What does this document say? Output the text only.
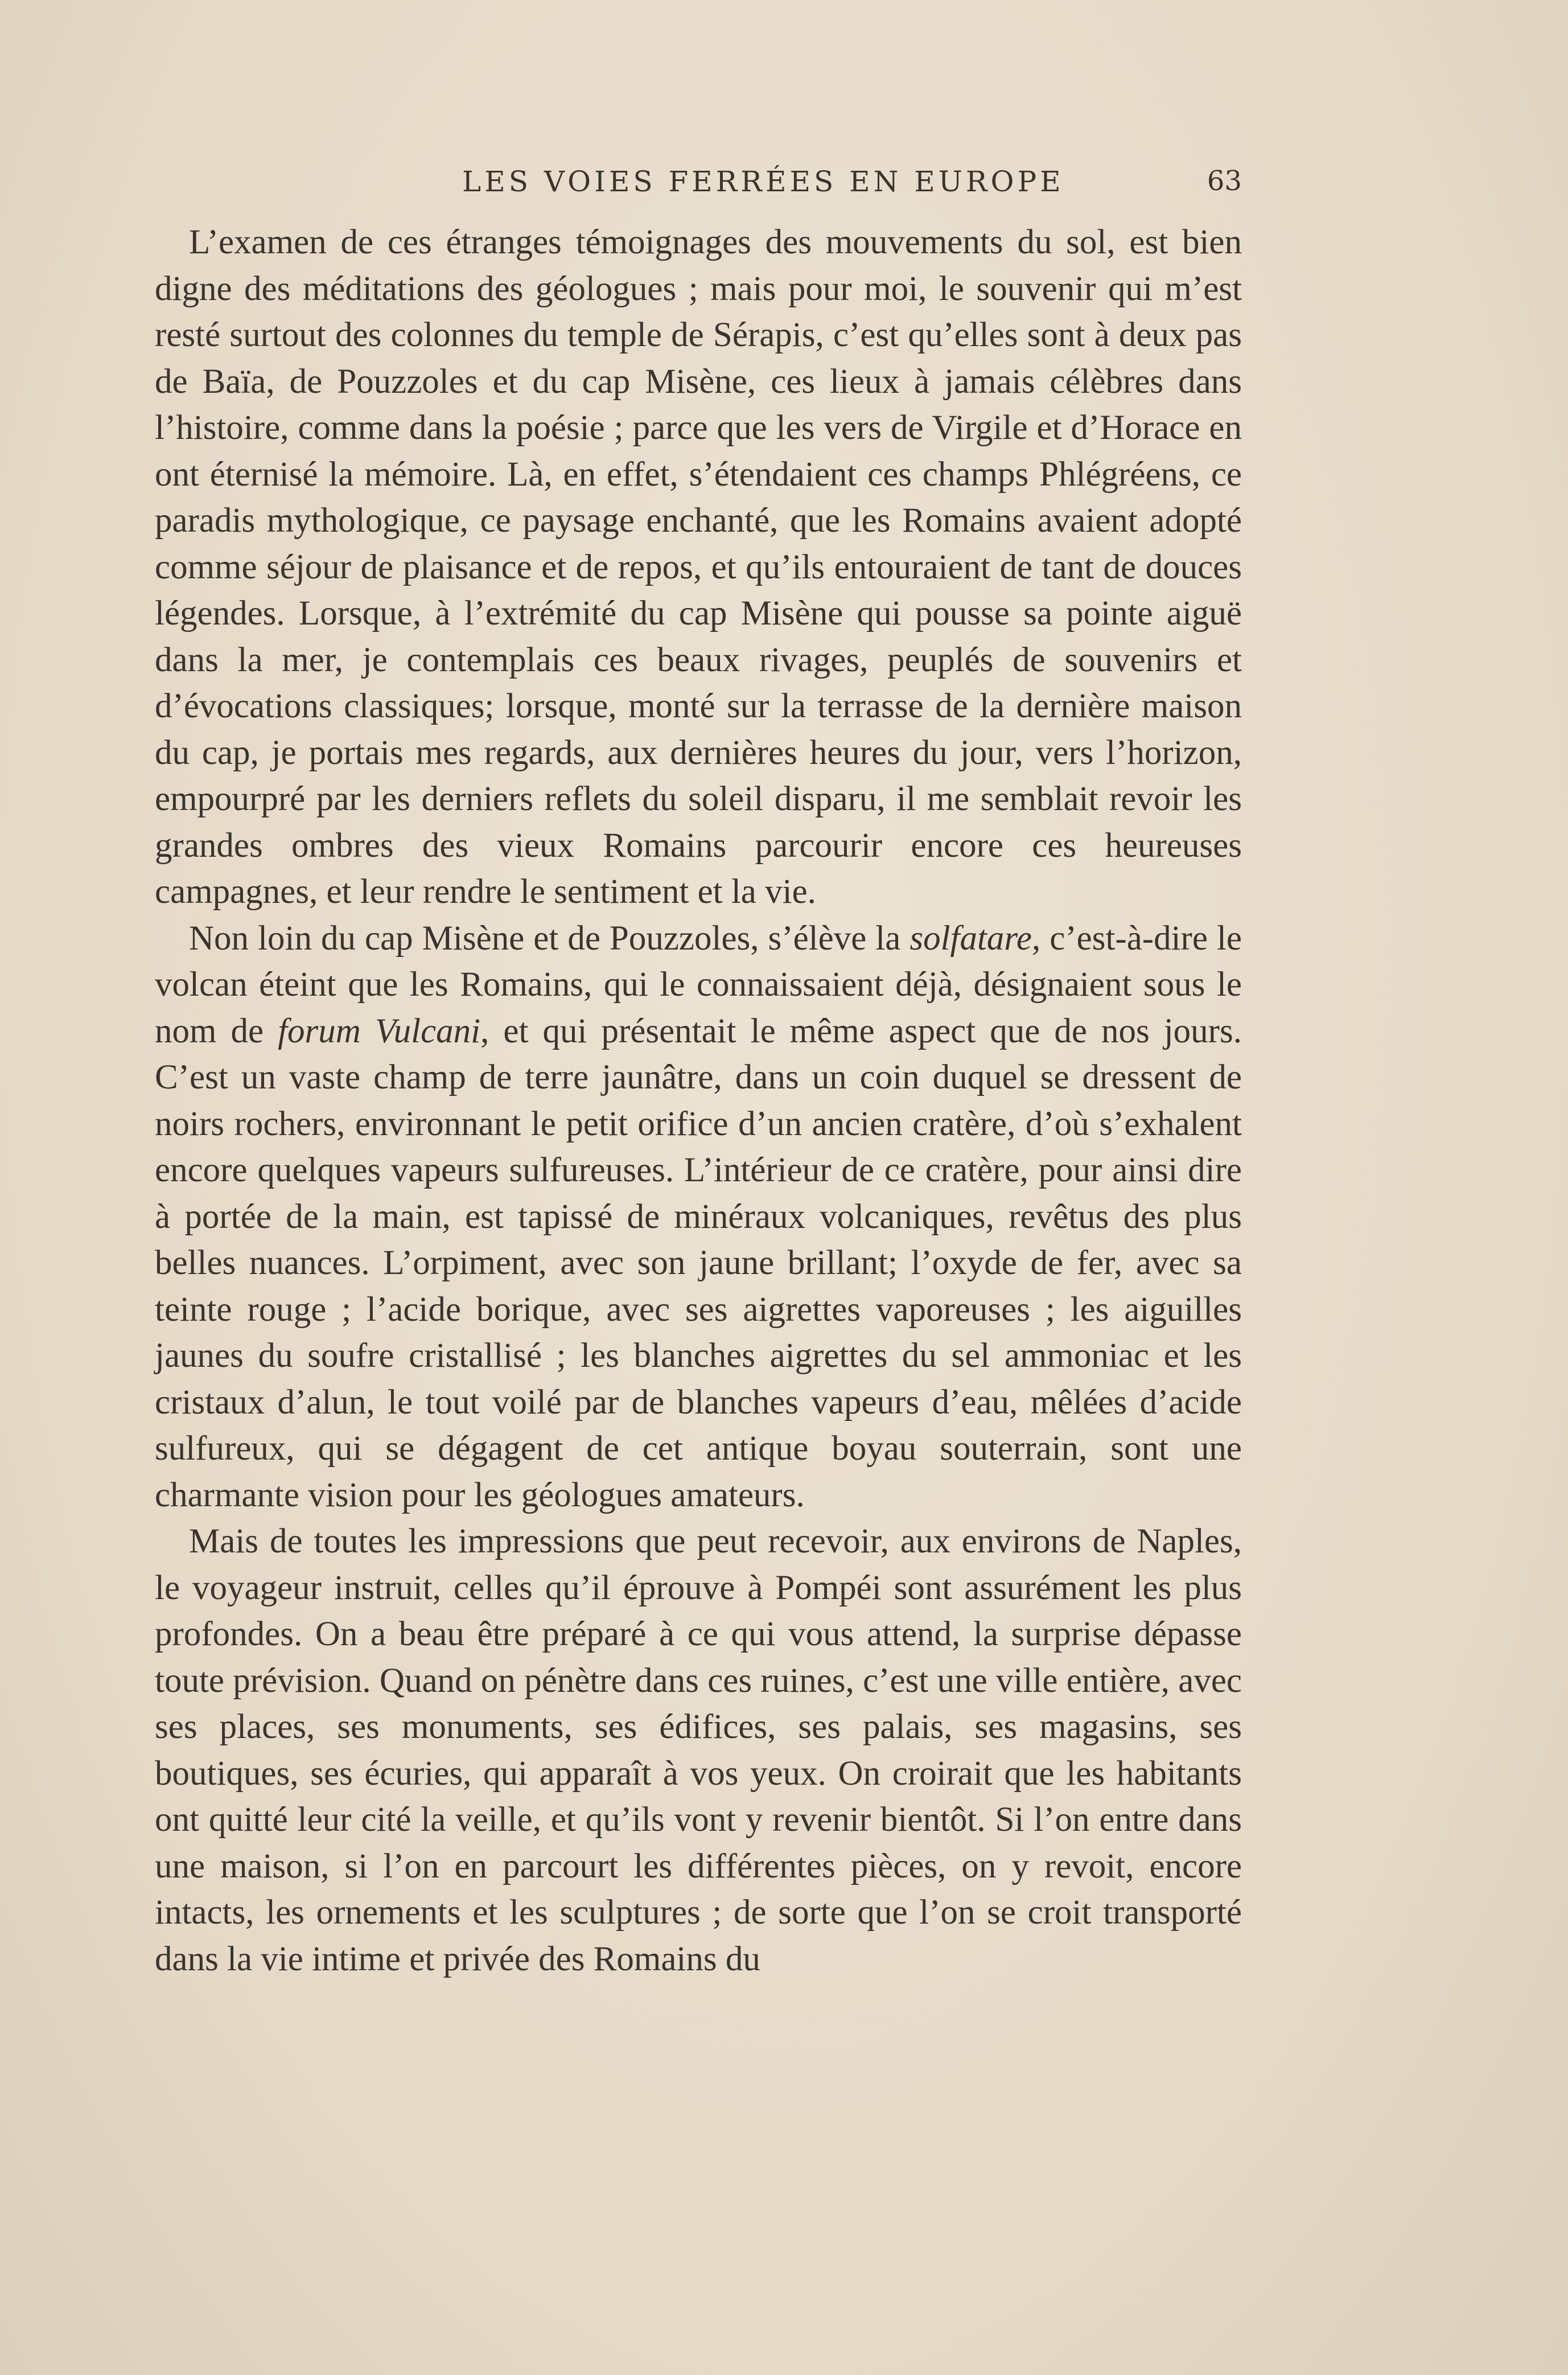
LES VOIES FERRÉES EN EUROPE	63

L’examen de ces étranges témoignages des mouvements du sol, est bien digne des méditations des géologues ; mais pour moi, le souvenir qui m’est resté surtout des colonnes du temple de Sérapis, c’est qu’elles sont à deux pas de Baïa, de Pouzzoles et du cap Misène, ces lieux à jamais célèbres dans l’histoire, comme dans la poésie ; parce que les vers de Virgile et d’Horace en ont éternisé la mémoire. Là, en effet, s’étendaient ces champs Phlégréens, ce paradis mythologique, ce paysage enchanté, que les Romains avaient adopté comme séjour de plaisance et de repos, et qu’ils entouraient de tant de douces légendes. Lorsque, à l’extrémité du cap Misène qui pousse sa pointe aiguë dans la mer, je contemplais ces beaux rivages, peuplés de souvenirs et d’évocations classiques; lorsque, monté sur la terrasse de la dernière maison du cap, je portais mes regards, aux dernières heures du jour, vers l’horizon, empourpré par les derniers reflets du soleil disparu, il me semblait revoir les grandes ombres des vieux Romains parcourir encore ces heureuses campagnes, et leur rendre le sentiment et la vie.

Non loin du cap Misène et de Pouzzoles, s’élève la solfatare, c’est-à-dire le volcan éteint que les Romains, qui le connaissaient déjà, désignaient sous le nom de forum Vulcani, et qui présentait le même aspect que de nos jours. C’est un vaste champ de terre jaunâtre, dans un coin duquel se dressent de noirs rochers, environnant le petit orifice d’un ancien cratère, d’où s’exhalent encore quelques vapeurs sulfureuses. L’intérieur de ce cratère, pour ainsi dire à portée de la main, est tapissé de minéraux volcaniques, revêtus des plus belles nuances. L’orpiment, avec son jaune brillant; l’oxyde de fer, avec sa teinte rouge ; l’acide borique, avec ses aigrettes vaporeuses ; les aiguilles jaunes du soufre cristallisé ; les blanches aigrettes du sel ammoniac et les cristaux d’alun, le tout voilé par de blanches vapeurs d’eau, mêlées d’acide sulfureux, qui se dégagent de cet antique boyau souterrain, sont une charmante vision pour les géologues amateurs.

Mais de toutes les impressions que peut recevoir, aux environs de Naples, le voyageur instruit, celles qu’il éprouve à Pompéi sont assurément les plus profondes. On a beau être préparé à ce qui vous attend, la surprise dépasse toute prévision. Quand on pénètre dans ces ruines, c’est une ville entière, avec ses places, ses monuments, ses édifices, ses palais, ses magasins, ses boutiques, ses écuries, qui apparaît à vos yeux. On croirait que les habitants ont quitté leur cité la veille, et qu’ils vont y revenir bientôt. Si l’on entre dans une maison, si l’on en parcourt les différentes pièces, on y revoit, encore intacts, les ornements et les sculptures ; de sorte que l’on se croit transporté dans la vie intime et privée des Romains du
